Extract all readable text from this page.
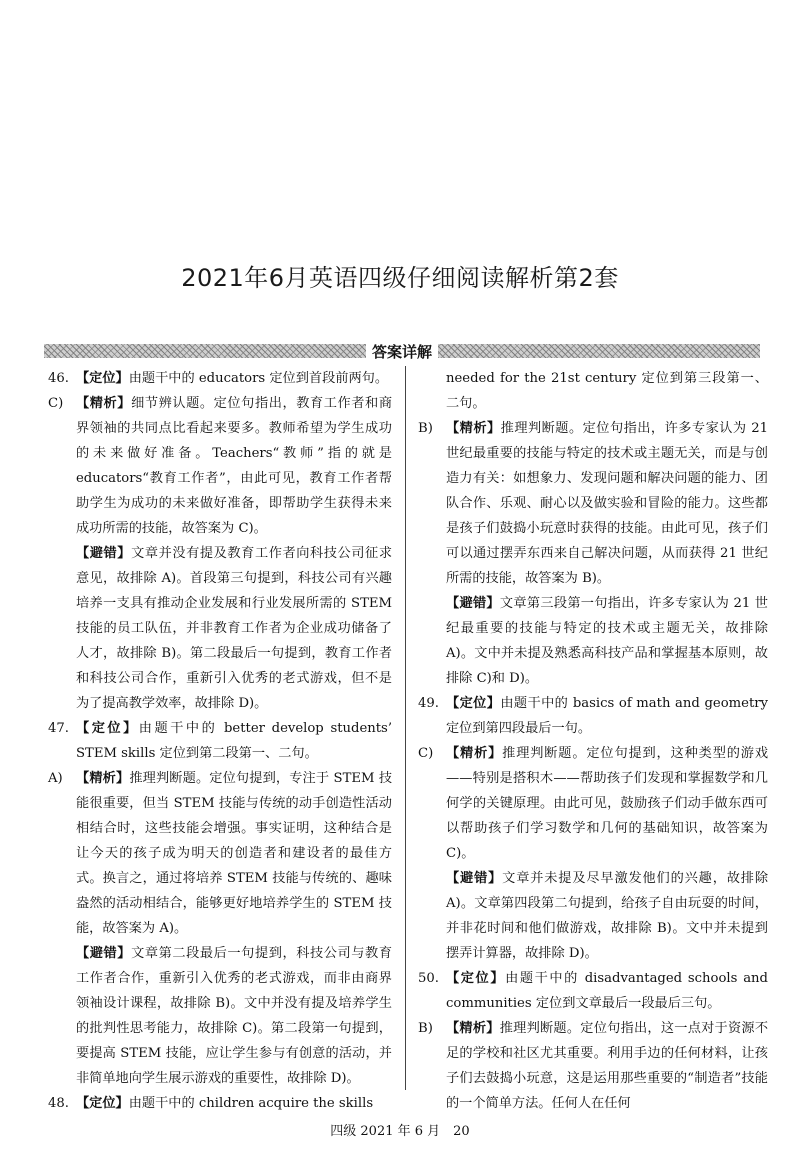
2021年6月英语四级仔细阅读解析第2套
答案详解
46. 【定位】由题干中的 educators 定位到首段前两句。
C) 【精析】细节辨认题。定位句指出，教育工作者和商界领袖的共同点比看起来要多。教师希望为学生成功的未来做好准备。Teachers“教师”指的就是 educators“教育工作者”，由此可见，教育工作者帮助学生为成功的未来做好准备，即帮助学生获得未来成功所需的技能，故答案为 C)。
【避错】文章并没有提及教育工作者向科技公司征求意见，故排除 A)。首段第三句提到，科技公司有兴趣培养一支具有推动企业发展和行业发展所需的 STEM 技能的员工队伍，并非教育工作者为企业成功储备了人才，故排除 B)。第二段最后一句提到，教育工作者和科技公司合作，重新引入优秀的老式游戏，但不是为了提高教学效率，故排除 D)。
47. 【定位】由题干中的 better develop students’ STEM skills 定位到第二段第一、二句。
A)	【精析】推理判断题。定位句提到，专注于 STEM 技能很重要，但当 STEM 技能与传统的动手创造性活动相结合时，这些技能会增强。事实证明，这种结合是让今天的孩子成为明天的创造者和建设者的最佳方式。换言之，通过将培养 STEM 技能与传统的、趣味盎然的活动相结合，能够更好地培养学生的 STEM 技能，故答案为 A)。
【避错】文章第二段最后一句提到，科技公司与教育工作者合作，重新引入优秀的老式游戏，而非由商界领袖设计课程，故排除 B)。文中并没有提及培养学生的批判性思考能力，故排除 C)。第二段第一句提到，要提高 STEM 技能，应让学生参与有创意的活动，并非简单地向学生展示游戏的重要性，故排除 D)。
48. 【定位】由题干中的 children acquire the skills
needed for the 21st century 定位到第三段第一、二句。
B) 【精析】推理判断题。定位句指出，许多专家认为 21 世纪最重要的技能与特定的技术或主题无关，而是与创造力有关：如想象力、发现问题和解决问题的能力、团队合作、乐观、耐心以及做实验和冒险的能力。这些都是孩子们鼓捣小玩意时获得的技能。由此可见，孩子们可以通过摆弄东西来自己解决问题，从而获得 21 世纪所需的技能，故答案为 B)。
【避错】文章第三段第一句指出，许多专家认为 21 世纪最重要的技能与特定的技术或主题无关，故排除 A)。文中并未提及熟悉高科技产品和掌握基本原则，故排除 C)和 D)。
49. 【定位】由题干中的 basics of math and geometry 定位到第四段最后一句。
C) 【精析】推理判断题。定位句提到，这种类型的游戏——特别是搭积木——帮助孩子们发现和掌握数学和几何学的关键原理。由此可见，鼓励孩子们动手做东西可以帮助孩子们学习数学和几何的基础知识，故答案为 C)。
【避错】文章并未提及尽早激发他们的兴趣，故排除 A)。文章第四段第二句提到，给孩子自由玩耍的时间，并非花时间和他们做游戏，故排除 B)。文中并未提到摆弄计算器，故排除 D)。
50. 【定位】由题干中的 disadvantaged schools and communities 定位到文章最后一段最后三句。
B) 【精析】推理判断题。定位句指出，这一点对于资源不足的学校和社区尤其重要。利用手边的任何材料，让孩子们去鼓捣小玩意，这是运用那些重要的“制造者”技能的一个简单方法。任何人在任何
四级 2021 年 6 月　20
